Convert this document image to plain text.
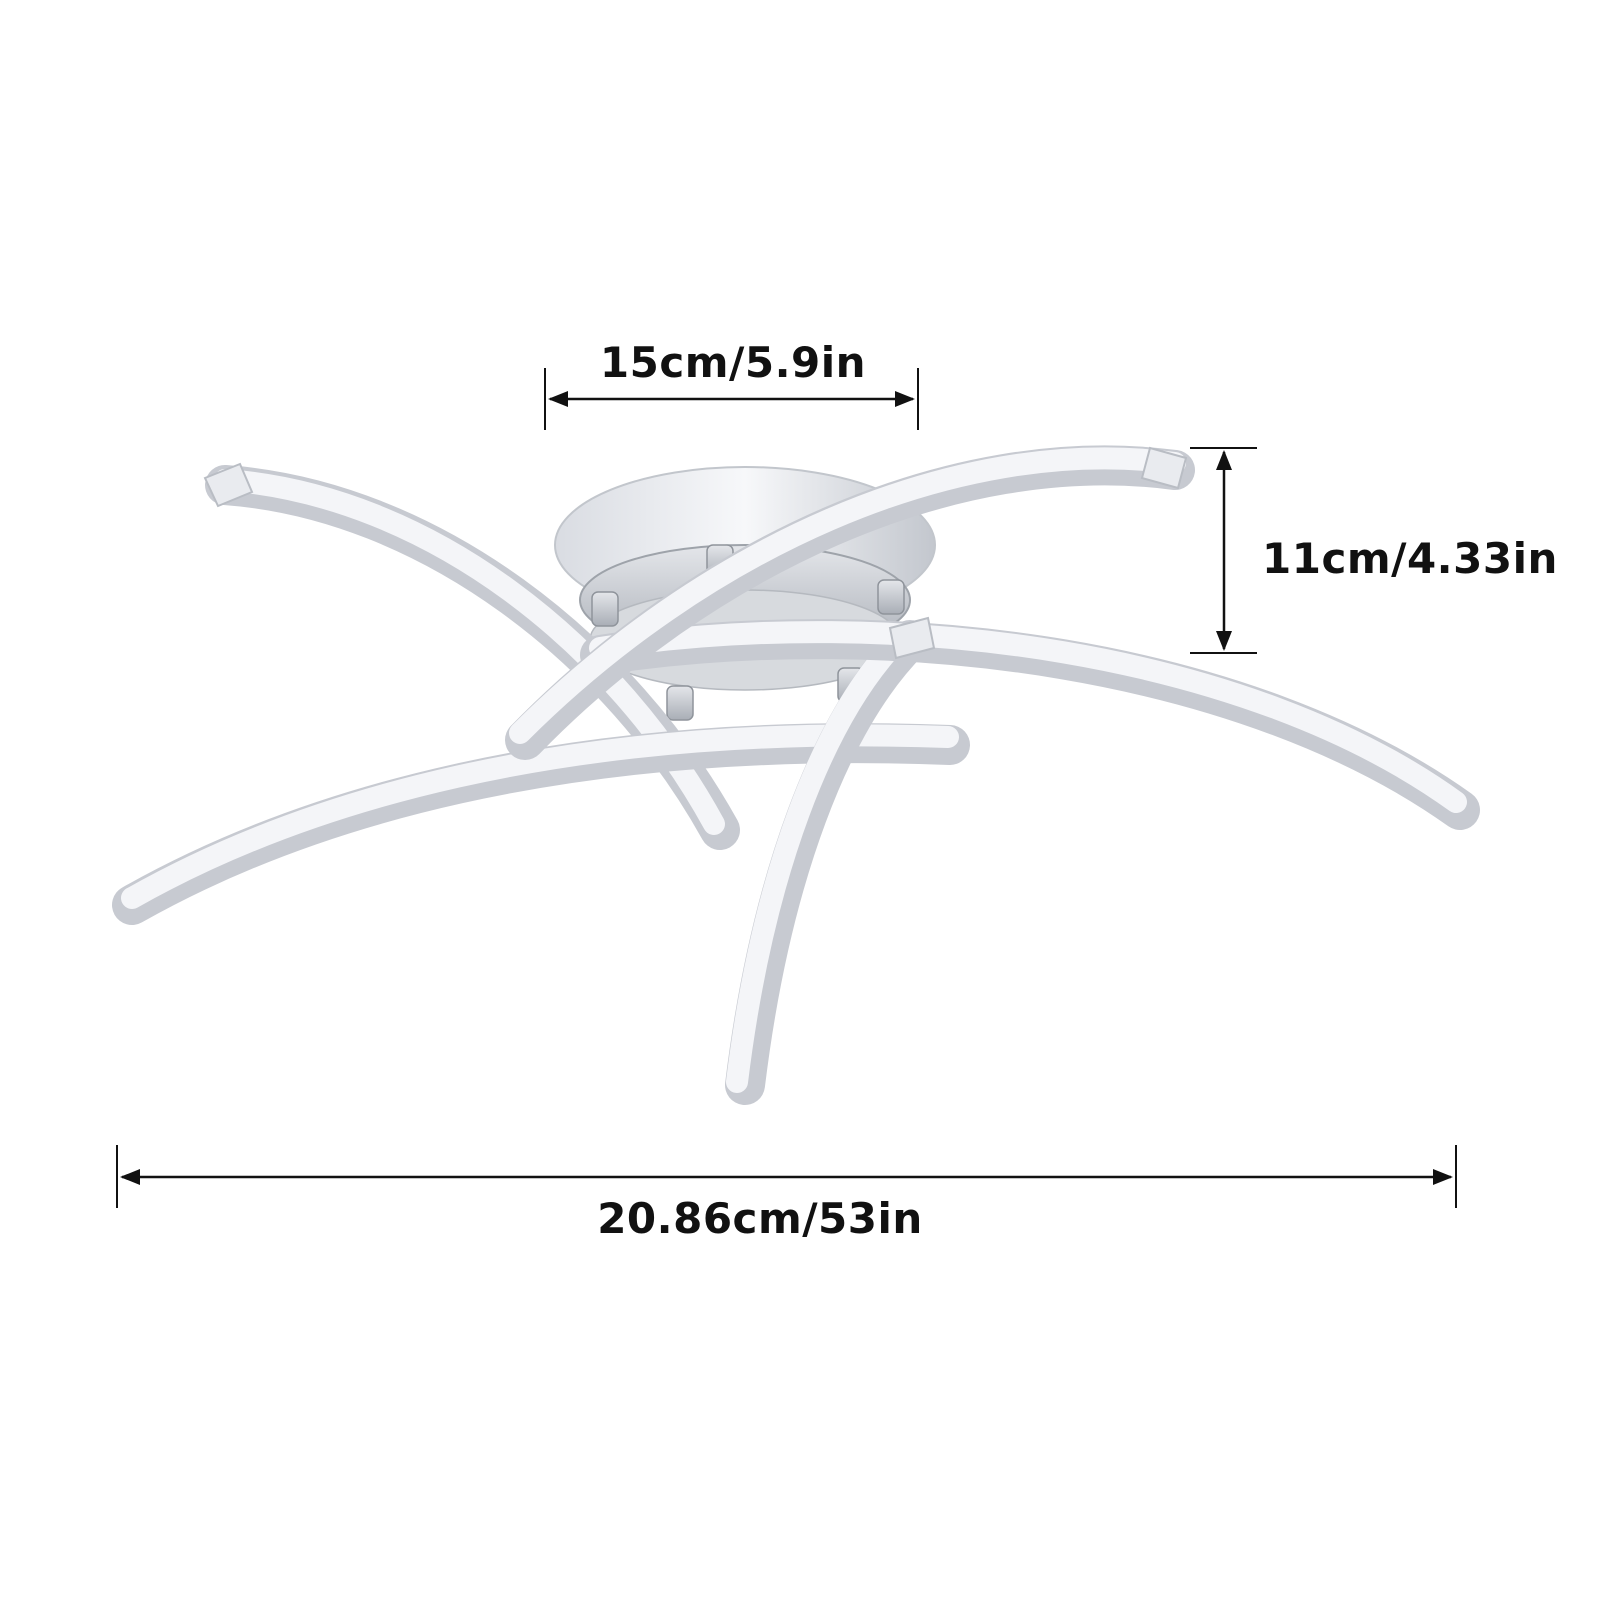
15cm/5.9in
11cm/4.33in
20.86cm/53in
